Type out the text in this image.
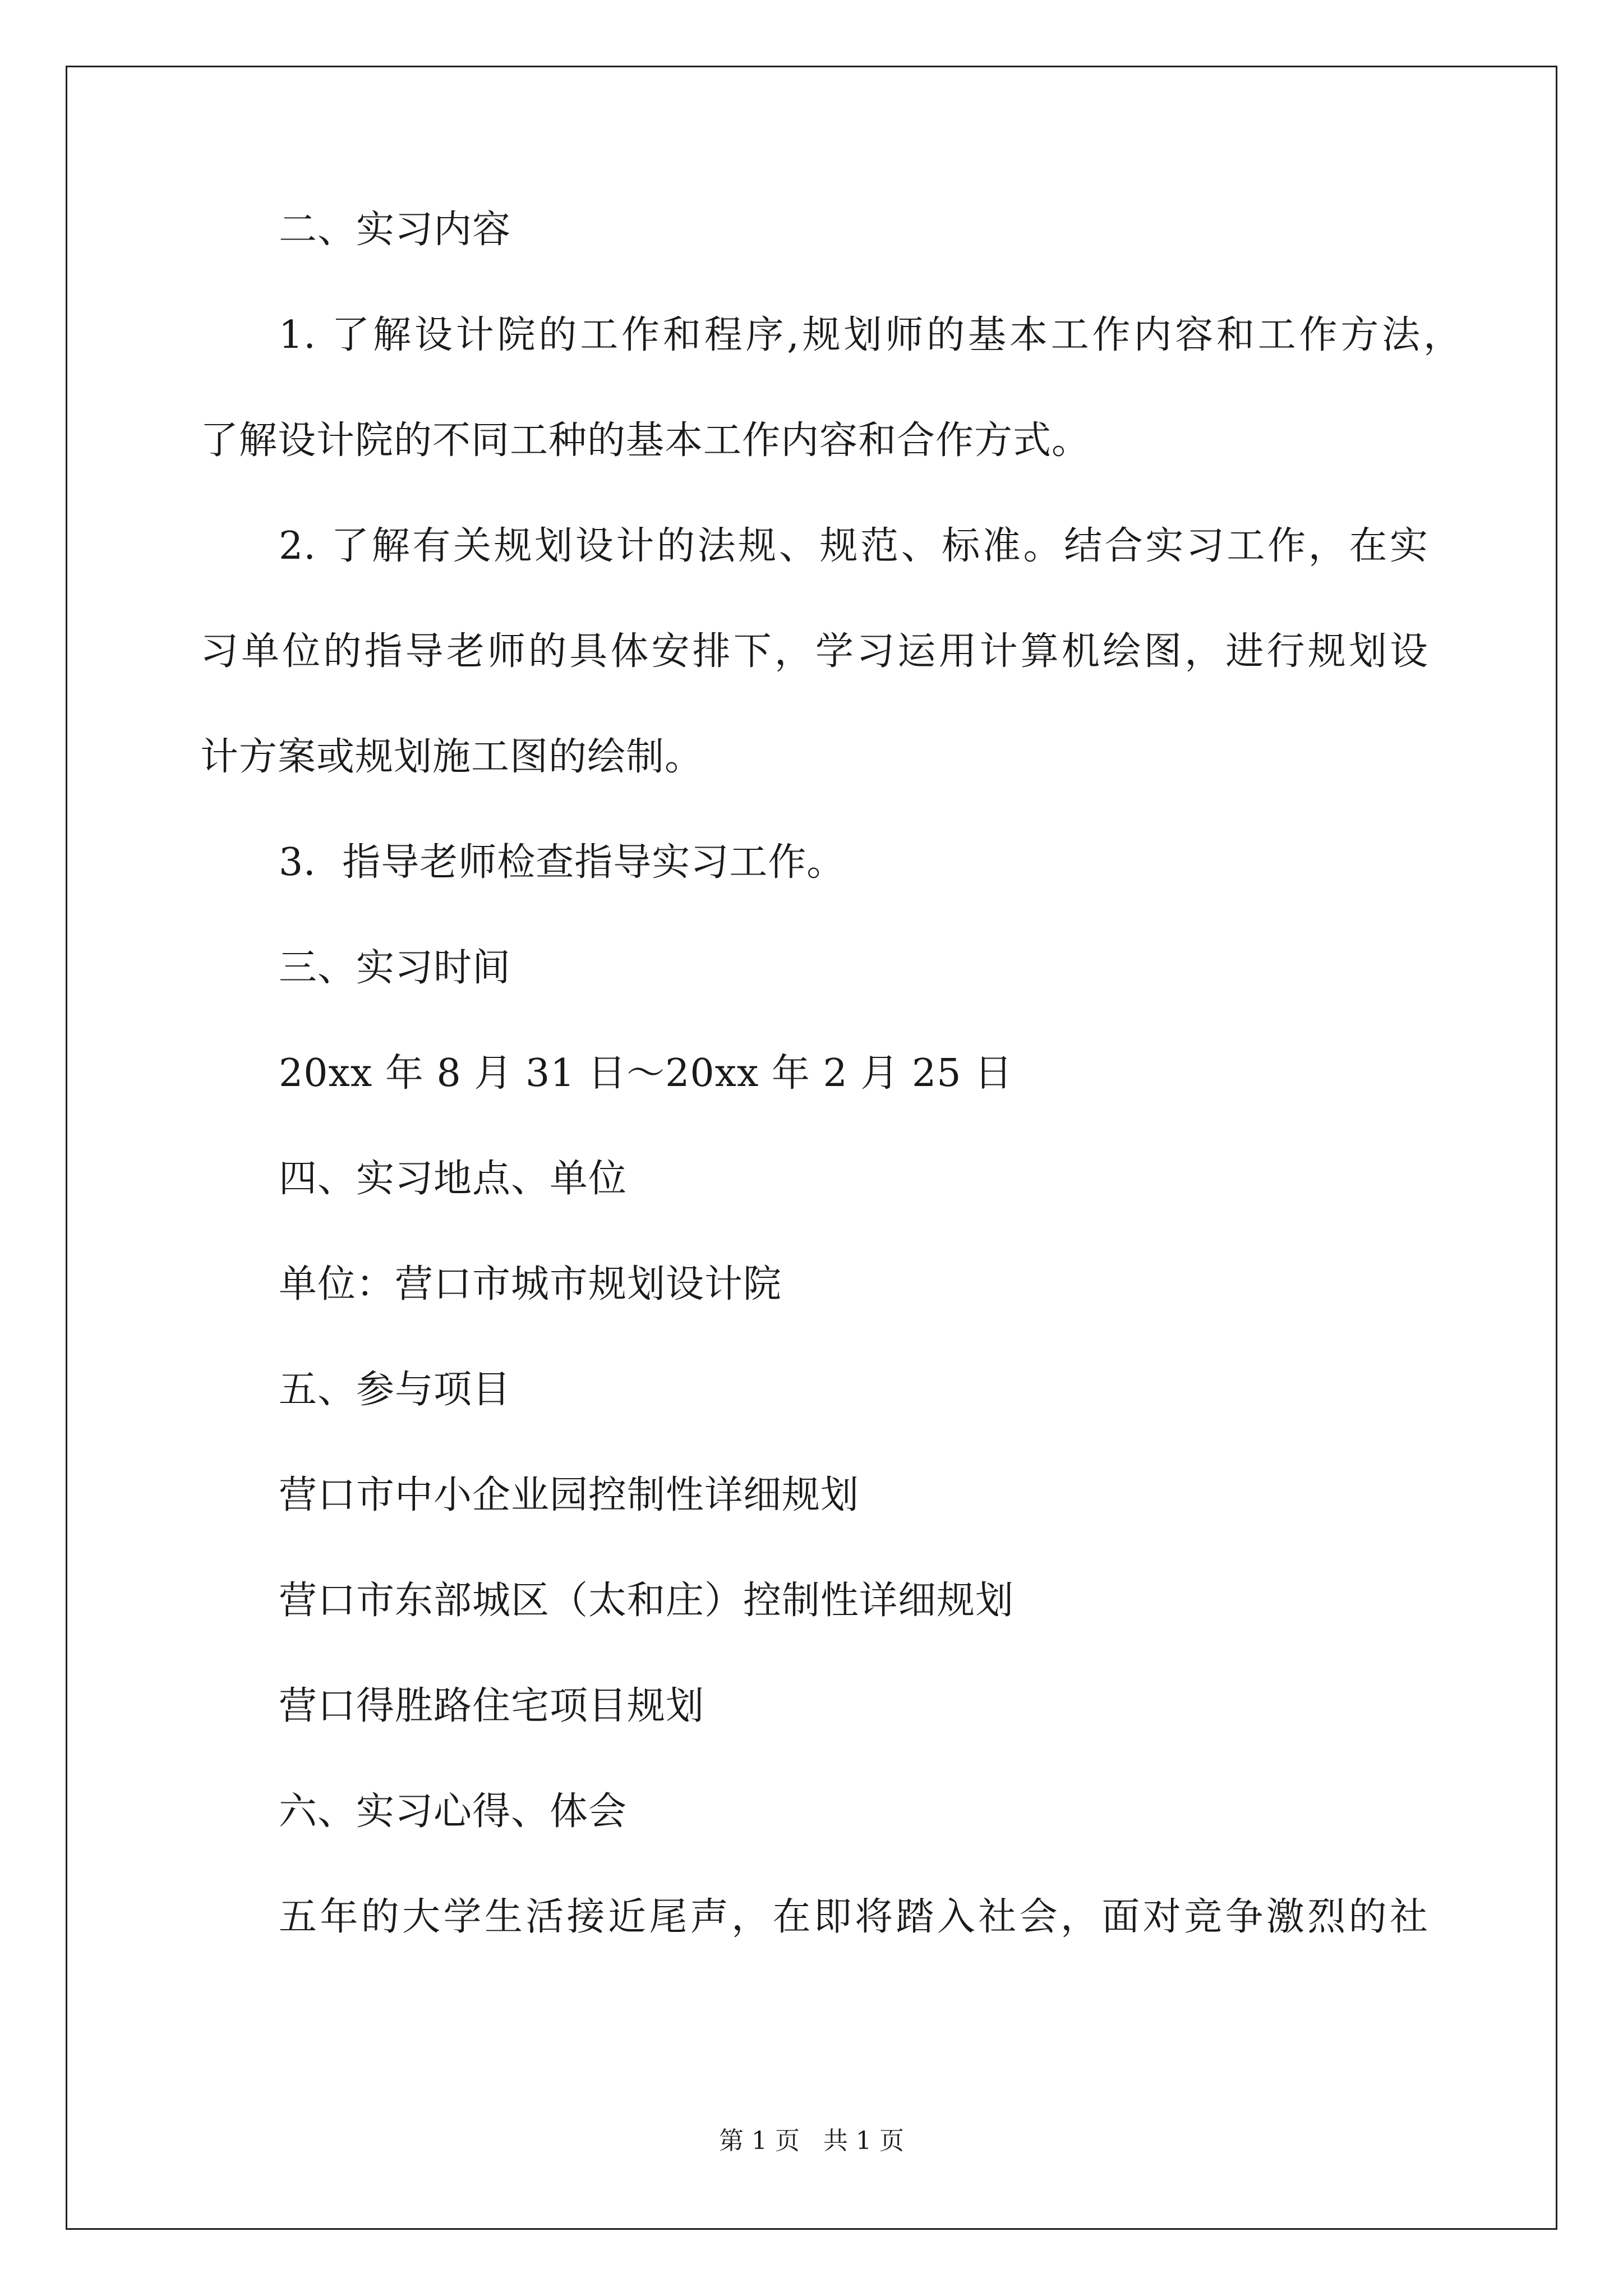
二、实习内容
1. 了解设计院的工作和程序,规划师的基本工作内容和工作方法，
了解设计院的不同工种的基本工作内容和合作方式。
2. 了解有关规划设计的法规、规范、标准。结合实习工作，在实
习单位的指导老师的具体安排下，学习运用计算机绘图，进行规划设
计方案或规划施工图的绘制。
3．指导老师检查指导实习工作。
三、实习时间
20xx 年 8 月 31 日～20xx 年 2 月 25 日
四、实习地点、单位
单位：营口市城市规划设计院
五、参与项目
营口市中小企业园控制性详细规划
营口市东部城区（太和庄）控制性详细规划
营口得胜路住宅项目规划
六、实习心得、体会
五年的大学生活接近尾声，在即将踏入社会，面对竞争激烈的社
第 1 页   共 1 页
